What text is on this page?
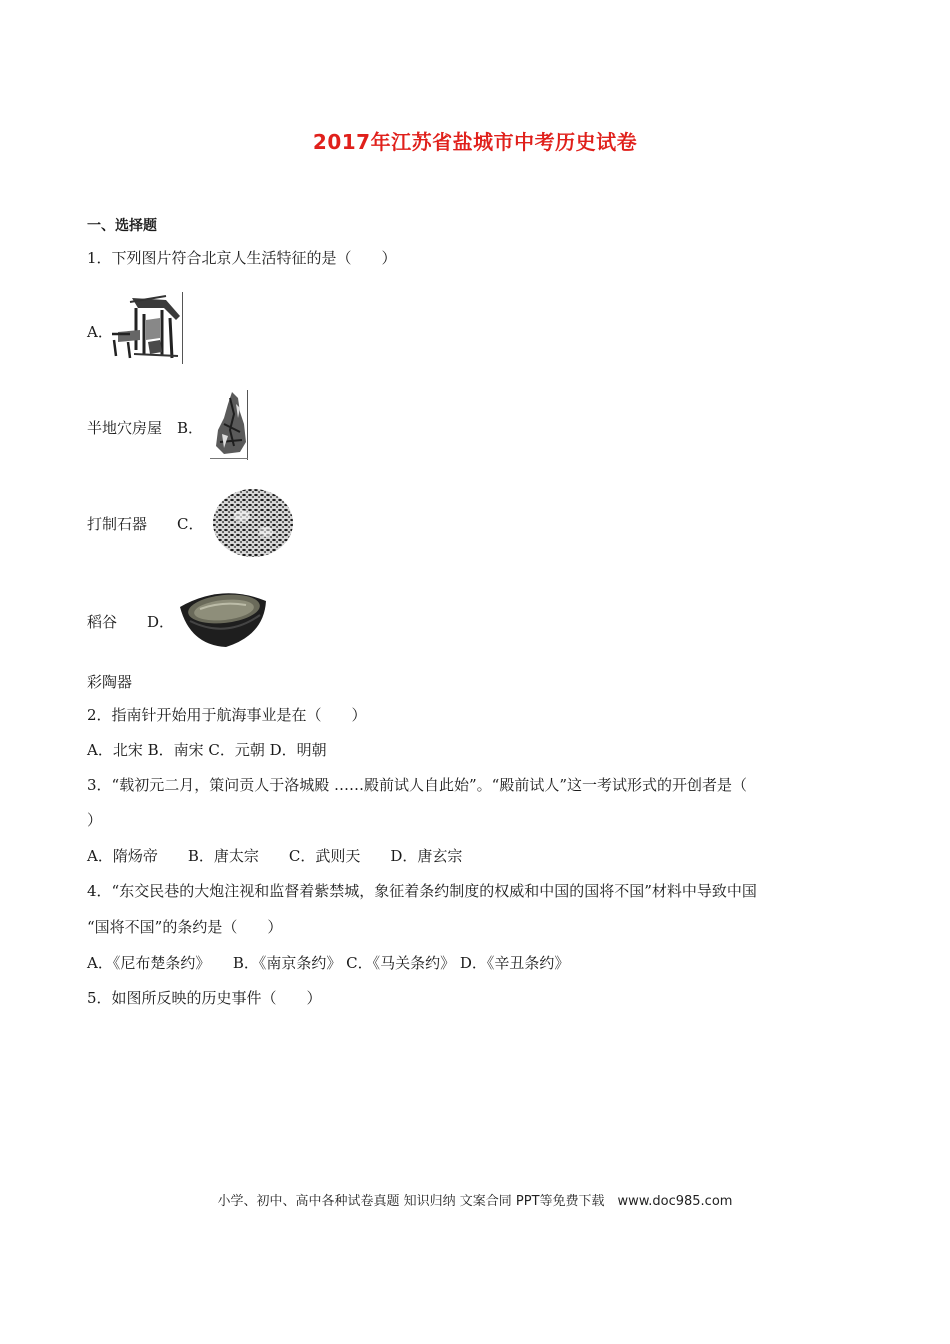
2017年江苏省盐城市中考历史试卷
一、选择题
1．下列图片符合北京人生活特征的是（　　）
A．
半地穴房屋　B．
打制石器　　C．
稻谷　　D．
彩陶器
2．指南针开始用于航海事业是在（　　）
A．北宋 B．南宋 C．元朝 D．明朝
3．“载初元二月，策问贡人于洛城殿 ……殿前试人自此始”。“殿前试人”这一考试形式的开创者是（
）
A．隋炀帝　　B．唐太宗　　C．武则天　　D．唐玄宗
4．“东交民巷的大炮注视和监督着紫禁城，象征着条约制度的权威和中国的国将不国”材料中导致中国
“国将不国”的条约是（　　）
A．《尼布楚条约》　　B．《南京条约》 C．《马关条约》 D．《辛丑条约》
5．如图所反映的历史事件（　　）
小学、初中、高中各种试卷真题 知识归纳 文案合同 PPT等免费下载　www.doc985.com
